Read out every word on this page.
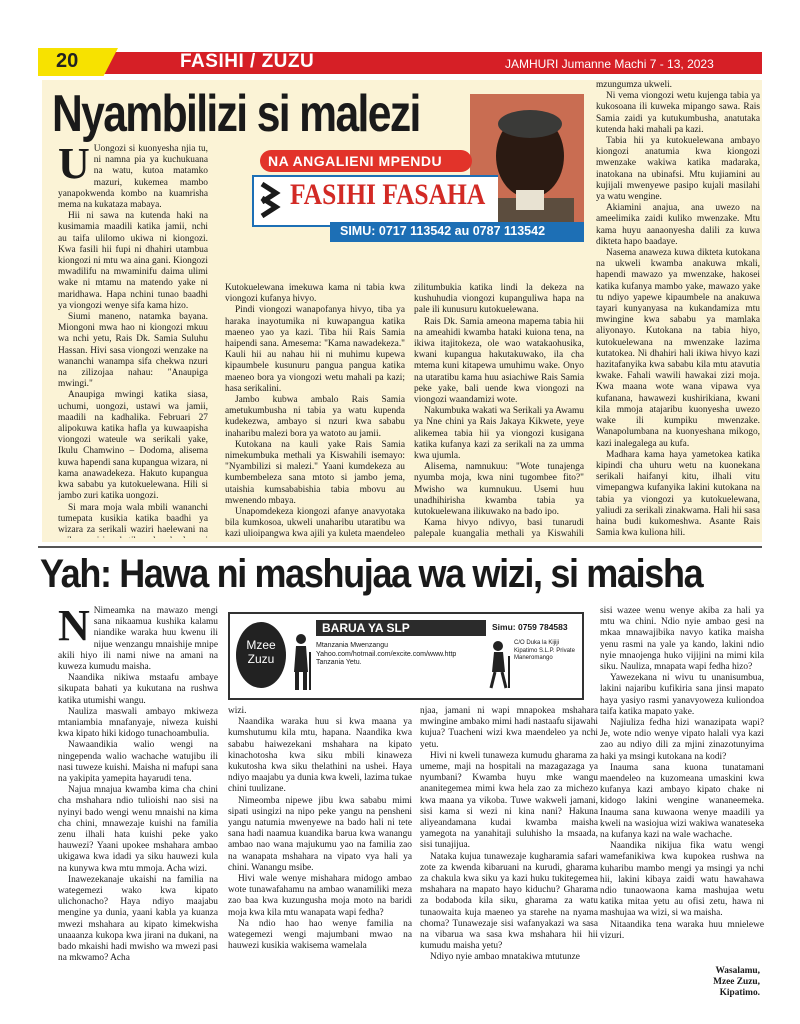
20	FASIHI / ZUZU	JAMHURI Jumanne Machi 7 - 13, 2023
Nyambilizi si malezi
NA ANGALIENI MPENDU
FASIHI FASAHA
SIMU: 0717 113542 au 0787 113542

U Uongozi si kuonyesha njia tu, ni namna pia ya kuchukuana na watu, kutoa matamko mazuri, kukemea mambo yanapokwenda kombo na kuamrisha mema na kukataza mabaya.

Hii ni sawa na kutenda haki na kusimamia maadili katika jamii, nchi au taifa ulilomo ukiwa ni kiongozi. Kwa fasili hii fupi ni dhahiri utambua kiongozi ni mtu wa aina gani. Kiongozi mwadilifu na mwaminifu daima ulimi wake ni mtamu na matendo yake ni maridhawa. Hapa nchini tunao baadhi ya viongozi wenye sifa kama hizo.

Siumi maneno, natamka bayana. Miongoni mwa hao ni kiongozi mkuu wa nchi yetu, Rais Dk. Samia Suluhu Hassan. Hivi sasa viongozi wenzake na wananchi wanampa sifa chekwa nzuri na zilizojaa nahau: "Anaupiga mwingi."

Anaupiga mwingi katika siasa, uchumi, uongozi, ustawi wa jamii, maadili na kadhalika. Februari 27 alipokuwa katika hafla ya kuwaapisha viongozi wateule wa serikali yake, Ikulu Chamwino – Dodoma, alisema kuwa hapendi sana kupangua wizara, ni kama anawadekeza. Hakuto kupangua kwa sababu ya kutokuelewana. Hili si jambo zuri katika uongozi.

Si mara moja wala mbili wananchi tumepata kusikia katika baadhi ya wizara za serikali waziri haelewani na

Kutokuelewana imekuwa kama ni tabia kwa viongozi kufanya hivyo.

Pindi viongozi wanapofanya hivyo, tiba ya haraka inayotumika ni kuwapangua katika maeneo yao ya kazi. Tiba hii Rais Samia haipendi sana. Amesema: "Kama nawadekeza." Kauli hii au nahau hii ni muhimu kupewa kipaumbele kusunuru pangua pangua katika maeneo bora ya viongozi wetu mahali pa kazi; hasa serikalini.

Jambo kubwa ambalo Rais Samia ametukumbusha ni tabia ya watu kupenda kudekezwa, ambayo si nzuri kwa sababu inaharibu malezi bora ya watoto au jamii.

Kutokana na kauli yake Rais Samia nimekumbuka methali ya Kiswahili isemayo: "Nyambilizi si malezi." Yaani kumdekeza au kumbembeleza sana mtoto si jambo jema, utaishia kumsababishia tabia mbovu au mwenendo mbaya.

Unapomdekeza kiongozi afanye anavyotaka bila kumkosoa, ukweli unaharibu utaratibu wa kazi ulioipangwa kwa ajili ya kuleta maendeleo

zilitumbukia katika lindi la dekeza na kushuhudia viongozi kupanguliwa hapa na pale ili kunusuru kutokuelewana.

Rais Dk. Samia ameona mapema tabia hii na ameahidi kwamba hataki kuiona tena, na ikiwa itajitokeza, ole wao watakaohusika, kwani kupangua hakutakuwako, ila cha mtema kuni kitapewa umuhimu wake. Onyo na utaratibu kama huu asiachiwe Rais Samia peke yake, bali uende kwa viongozi na viongozi waandamizi wote.

Nakumbuka wakati wa Serikali ya Awamu ya Nne chini ya Rais Jakaya Kikwete, yeye alikemea tabia hii ya viongozi kusigana katika kufanya kazi za serikali na za umma kwa ujumla.

Alisema, namnukuu: "Wote tunajenga nyumba moja, kwa nini tugombee fito?" Mwisho wa kumnukuu. Usemi huu unadhihirisha kwamba tabia ya kutokuelewana ilikuwako na bado ipo.

Kama hivyo ndivyo, basi tunarudi palepale kuangalia methali ya Kiswahili

mzungumza ukweli.

Ni vema viongozi wetu kujenga tabia ya kukosoana ili kuweka mipango sawa. Rais Samia zaidi ya kutukumbusha, anatutaka kutenda haki mahali pa kazi.

Tabia hii ya kutokuelewana ambayo kiongozi anatumia kwa kiongozi mwenzake wakiwa katika madaraka, inatokana na ubinafsi. Mtu kujiamini au kujijali mwenyewe pasipo kujali masilahi ya watu wengine.

Akiamini anajua, ana uwezo na ameelimika zaidi kuliko mwenzake. Mtu kama huyu aanaonyesha dalili za kuwa dikteta hapo baadaye.

Nasema anaweza kuwa dikteta kutokana na ukweli kwamba anakuwa mkali, hapendi mawazo ya mwenzake, hakosei katika kufanya mambo yake, mawazo yake tu ndiyo yapewe kipaumbele na anakuwa tayari kunyanyasa na kukandamiza mtu mwingine kwa sababu ya mamlaka aliyonayo. Kutokana na tabia hiyo, kutokuelewana na mwenzake lazima kutatokea. Ni dhahiri hali ikiwa hivyo kazi hazitafanyika kwa sababu kila mtu atavutia kwake. Fahali wawili hawakai zizi moja. Kwa maana wote wana vipawa vya kufanana, hawawezi kushirikiana, kwani kila mmoja atajaribu kuonyesha uwezo wake ili kumpiku mwenzake. Wanapolumbana na kuonyeshana mikogo, kazi inalegalega au kufa.

Madhara kama haya yametokea katika kipindi cha uhuru wetu na kuonekana serikali haifanyi kitu, ilhali vitu vimepangwa kufanyika lakini kutokana na tabia ya viongozi ya kutokuelewana, yaliudi za serikali zinakwama. Hali hii sasa haina budi kukomeshwa. Asante Rais Samia kwa kuliona hili.

Yah: Hawa ni mashujaa wa wizi, si maisha
Mzee Zuzu
BARUA YA SLP
Mtanzania Mwenzangu
Yahoo.com/hotmail.com/excite.com/www.http
Tanzania Yetu.
Simu: 0759 784583
C/O Duka la Kijiji Kipatimo S.L.P. Private Maneromango

N Nimeamka na mawazo mengi sana nikaamua kushika kalamu niandike waraka huu kwenu ili nijue wenzangu mnaishije mnipe akili hiyo ili nami niwe na amani na kuweza kumudu maisha.

Naandika nikiwa mstaafu ambaye sikupata bahati ya kukutana na rushwa katika utumishi wangu.

Nauliza maswali ambayo mkiweza mtaniambia mnafanyaje, niweza kuishi kwa kipato hiki kidogo tunachoambulia.

Nawaandikia walio wengi na ningependa walio wachache watujibu ili nasi tuweze kuishi. Maisha ni mafupi sana na yakipita yamepita hayarudi tena.

Najua mnajua kwamba kima cha chini cha mshahara ndio tulioishi nao sisi na nyinyi bado wengi wenu mnaishi na kima cha chini, mnawezaje kuishi na familia zenu ilhali hata kuishi peke yako hauwezi? Yaani upokee mshahara ambao ukigawa kwa idadi ya siku hauwezi kula na kunywa kwa mtu mmoja. Acha wizi.

Inawezekanaje ukaishi na familia na wategemezi wako kwa kipato ulichonacho? Haya ndiyo maajabu mengine ya dunia, yaani kabla ya kuanza mwezi mshahara au kipato kimekwisha unaaanza kukopa kwa jirani na dukani, na bado mkaishi hadi mwisho wa mwezi pasi na mkwamo? Acha

wizi.

Naandika waraka huu si kwa maana ya kumshutumu kila mtu, hapana. Naandika kwa sababu haiwezekani mshahara na kipato kinachotosha kwa siku mbili kinaweza kukutosha kwa siku thelathini na ushei. Haya ndiyo maajabu ya dunia kwa kweli, lazima tukae chini tuulizane.

Nimeomba nipewe jibu kwa sababu mimi sipati usingizi na nipo peke yangu na pensheni yangu natumia mwenyewe na bado hali ni tete sana hadi naamua kuandika barua kwa wanangu ambao nao wana majukumu yao na familia zao na wanapata mshahara na vipato vya hali ya chini. Wanangu msibe.

Hivi wale wenye mishahara midogo ambao wote tunawafahamu na ambao wanamiliki meza zao baa kwa kuzungusha moja moto na baridi moja kwa kila mtu wanapata wapi fedha?

Na ndio hao hao wenye familia na wategemezi wengi majumbani mwao na hauwezi kusikia wakisema wamelala

njaa, jamani ni wapi mnapokea mshahara mwingine ambako mimi hadi nastaafu sijawahi kujua? Tuacheni wizi kwa maendeleo ya nchi yetu.

Hivi ni kweli tunaweza kumudu gharama za umeme, maji na hospitali na mazagazaga ya nyumbani? Kwamba huyu mke wangu ananitegemea mimi kwa hela zao za michezo kwa maana ya vikoba. Tuwe wakweli jamani, sisi kama si wezi ni kina nani? Hakuna aliyeandamana kudai kwamba maisha yamegota na yanahitaji suluhisho la msaada, sisi tunajijua.

Nataka kujua tunawezaje kugharamia safari zote za kwenda kibaruani na kurudi, gharama za chakula kwa siku ya kazi huku tukitegemea mshahara na mapato hayo kiduchu? Gharama za bodaboda kila siku, gharama za watu tunaowaita kuja maeneo ya starehe na nyama choma? Tunawezaje sisi wafanyakazi wa sasa na vibarua wa sasa kwa mshahara hii hii kumudu maisha yetu?

Ndiyo nyie ambao mnatakiwa mtutunze

sisi wazee wenu wenye akiba za hali ya mtu wa chini. Ndio nyie ambao gesi na mkaa mnawajibika navyo katika maisha yenu rasmi na yale ya kando, lakini ndio nyie mnaojenga huko vijijini na mimi kila siku. Nauliza, mnapata wapi fedha hizo?

Yawezekana ni wivu tu unanisumbua, lakini najaribu kufikiria sana jinsi mapato haya yasiyo rasmi yanavyoweza kuliondoa taifa katika mapato yake.

Najiuliza fedha hizi wanazipata wapi? Je, wote ndio wenye vipato halali vya kazi zao au ndiyo dili za mjini zinazotunyima haki ya msingi kutokana na kodi?

Inauma sana kuona tunatamani maendeleo na kuzomeana umaskini kwa kufanya kazi ambayo kipato chake ni kidogo lakini wengine wananeemeka. Inauma sana kuwaona wenye maadili ya kweli na wasiojua wizi wakiwa wanateseka na kufanya kazi na wale wachache.

Naandika nikijua fika watu wengi wamefanikiwa kwa kupokea rushwa na kuharibu mambo mengi ya msingi ya nchi hii, lakini kibaya zaidi watu hawahawa ndio tunaowaona kama mashujaa wetu katika mitaa yetu au ofisi zetu, hawa ni mashujaa wa wizi, si wa maisha.

Nitaandika tena waraka huu mnielewe vizuri.

Wasalamu,
Mzee Zuzu,
Kipatimo.
